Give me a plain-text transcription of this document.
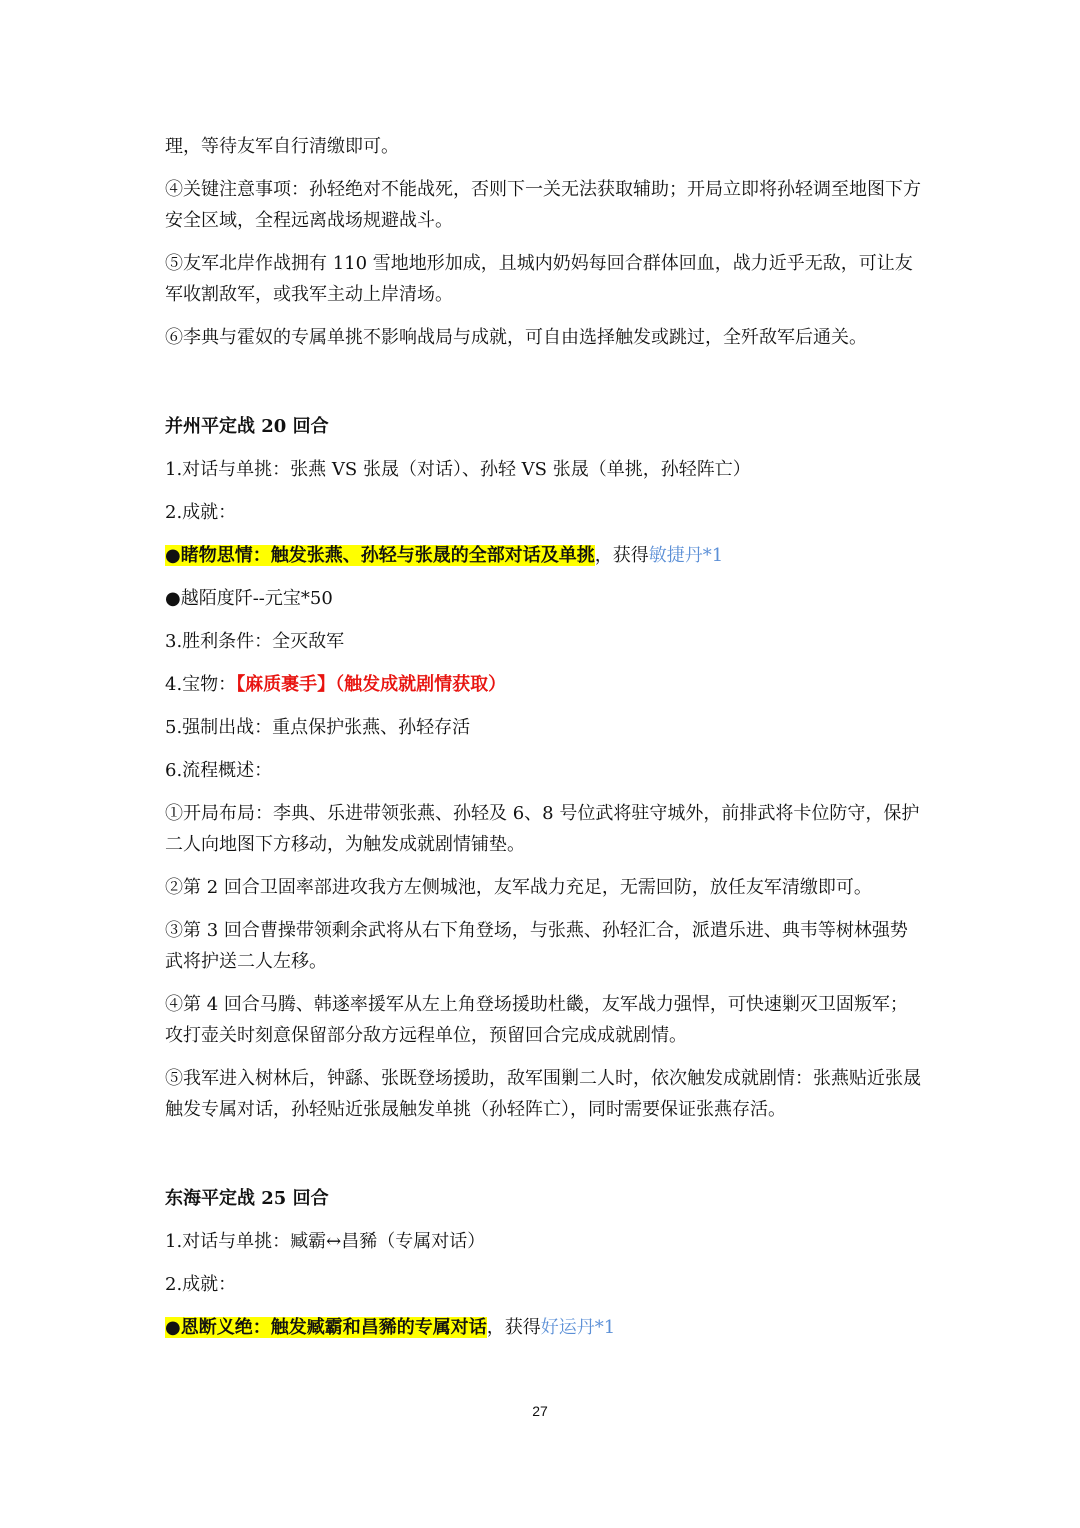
理，等待友军自行清缴即可。

④关键注意事项：孙轻绝对不能战死，否则下一关无法获取辅助；开局立即将孙轻调至地图下方安全区域，全程远离战场规避战斗。

⑤友军北岸作战拥有 110 雪地地形加成，且城内奶妈每回合群体回血，战力近乎无敌，可让友军收割敌军，或我军主动上岸清场。

⑥李典与霍奴的专属单挑不影响战局与成就，可自由选择触发或跳过，全歼敌军后通关。

并州平定战 20 回合

1.对话与单挑：张燕 VS 张晟（对话）、孙轻 VS 张晟（单挑，孙轻阵亡）

2.成就：

●睹物思情：触发张燕、孙轻与张晟的全部对话及单挑，获得敏捷丹*1

●越陌度阡--元宝*50

3.胜利条件：全灭敌军

4.宝物：【麻质裹手】（触发成就剧情获取）

5.强制出战：重点保护张燕、孙轻存活

6.流程概述：

①开局布局：李典、乐进带领张燕、孙轻及 6、8 号位武将驻守城外，前排武将卡位防守，保护二人向地图下方移动，为触发成就剧情铺垫。

②第 2 回合卫固率部进攻我方左侧城池，友军战力充足，无需回防，放任友军清缴即可。

③第 3 回合曹操带领剩余武将从右下角登场，与张燕、孙轻汇合，派遣乐进、典韦等树林强势武将护送二人左移。

④第 4 回合马腾、韩遂率援军从左上角登场援助杜畿，友军战力强悍，可快速剿灭卫固叛军；攻打壶关时刻意保留部分敌方远程单位，预留回合完成成就剧情。

⑤我军进入树林后，钟繇、张既登场援助，敌军围剿二人时，依次触发成就剧情：张燕贴近张晟触发专属对话，孙轻贴近张晟触发单挑（孙轻阵亡），同时需要保证张燕存活。

东海平定战 25 回合

1.对话与单挑：臧霸↔昌豨（专属对话）

2.成就：

●恩断义绝：触发臧霸和昌豨的专属对话，获得好运丹*1

27
